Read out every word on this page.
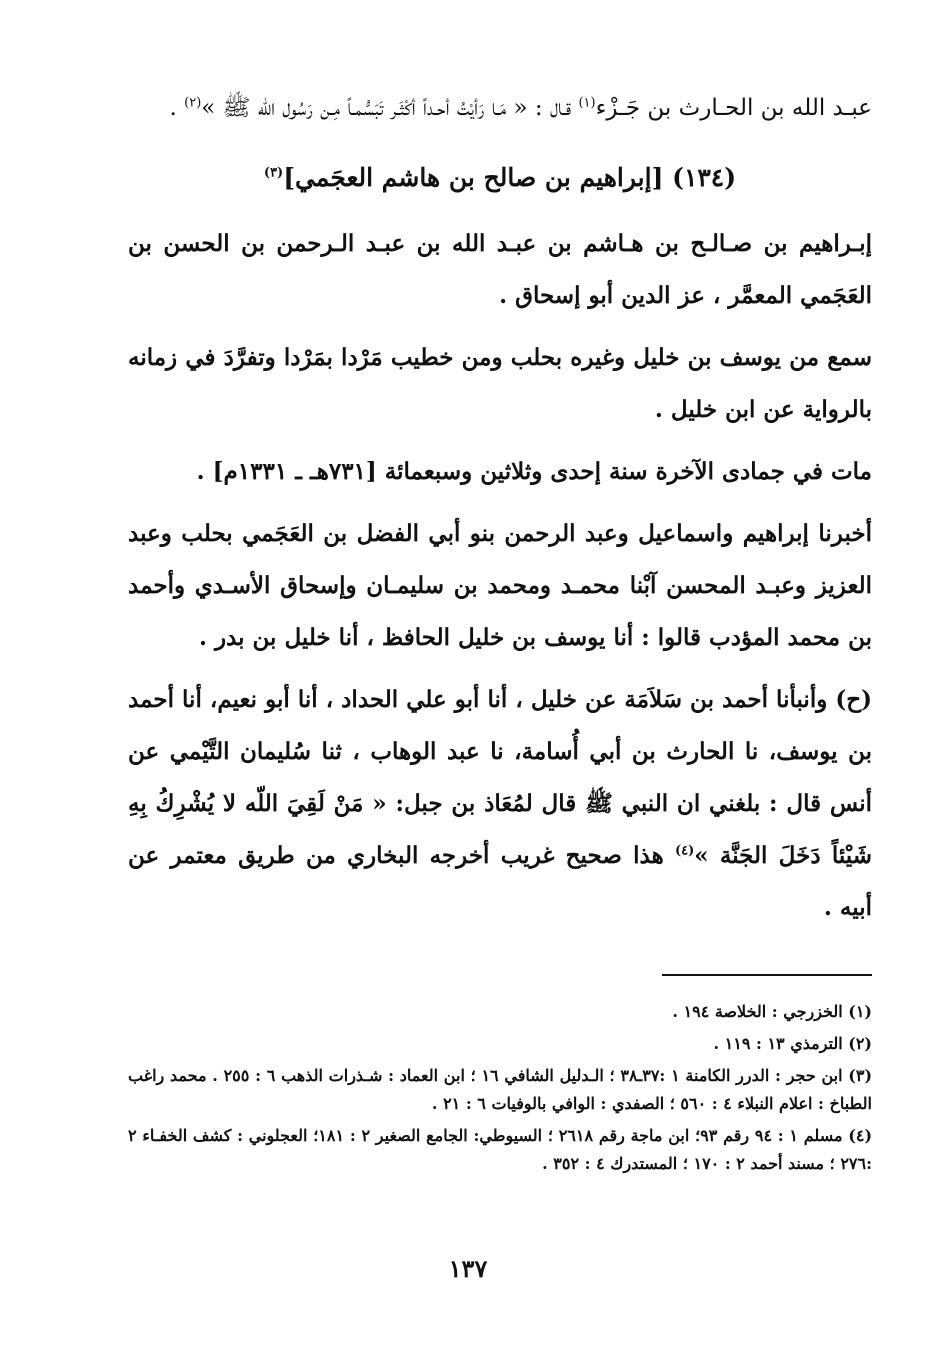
عبـد الله بن الحـارث بن جَـزْء$^{(١)}$ قـال : « مَـا رَأيْتُ أحـداً أكْثَـر تَبَسُّمـاً مِـن رَسُول الله ﷺ »$^{(٢)}$ .

(١٣٤) [إبراهيم بن صالح بن هاشم العجَمي]$^{(٣)}$

إبـراهيم بن صـالـح بن هـاشم بن عبـد الله بن عبـد الـرحمن بن الحسن بن العَجَمي المعمَّر ، عز الدين أبو إسحاق .

سمع من يوسف بن خليل وغيره بحلب ومن خطيب مَرْدا بمَرْدا وتفرَّدَ في زمانه بالرواية عن ابن خليل .

مات في جمادى الآخرة سنة إحدى وثلاثين وسبعمائة [٧٣١هـ ـ ١٣٣١م] .

أخبرنا إبراهيم واسماعيل وعبد الرحمن بنو أبي الفضل بن العَجَمي بحلب وعبد العزيز وعبـد المحسن آبْنا محمـد ومحمد بن سليمـان وإسحاق الأسـدي وأحمد بن محمد المؤدب قالوا : أنا يوسف بن خليل الحافظ ، أنا خليل بن بدر .

(ح) وأنبأنا أحمد بن سَلاَمَة عن خليل ، أنا أبو علي الحداد ، أنا أبو نعيم، أنا أحمد بن يوسف، نا الحارث بن أبي أُسامة، نا عبد الوهاب ، ثنا سُليمان التَّيْمي عن أنس قال : بلغني ان النبي ﷺ قال لمُعَاذ بن جبل: « مَنْ لَقِيَ اللّه لا يُشْرِكُ بِهِ شَيْئاً دَخَلَ الجَنَّة »$^{(٤)}$ هذا صحيح غريب أخرجه البخاري من طريق معتمر عن أبيه .

(١) الخزرجي : الخلاصة ١٩٤ .
(٢) الترمذي ١٣ : ١١٩ .
(٣) ابن حجر : الدرر الكامنة ١ :٣٧ـ٣٨ ؛ الـدليل الشافي ١٦ ؛ ابن العماد : شـذرات الذهب ٦ : ٢٥٥ . محمد راغب الطباخ : اعلام النبلاء ٤ : ٥٦٠ ؛ الصفدي : الوافي بالوفيات ٦ : ٢١ .
(٤) مسلم ١ : ٩٤ رقم ٩٣؛ ابن ماجة رقم ٢٦١٨ ؛ السيوطي: الجامع الصغير ٢ : ١٨١؛ العجلوني : كشف الخفـاء ٢ :٢٧٦ ؛ مسند أحمد ٢ : ١٧٠ ؛ المستدرك ٤ : ٣٥٢ .
١٣٧
